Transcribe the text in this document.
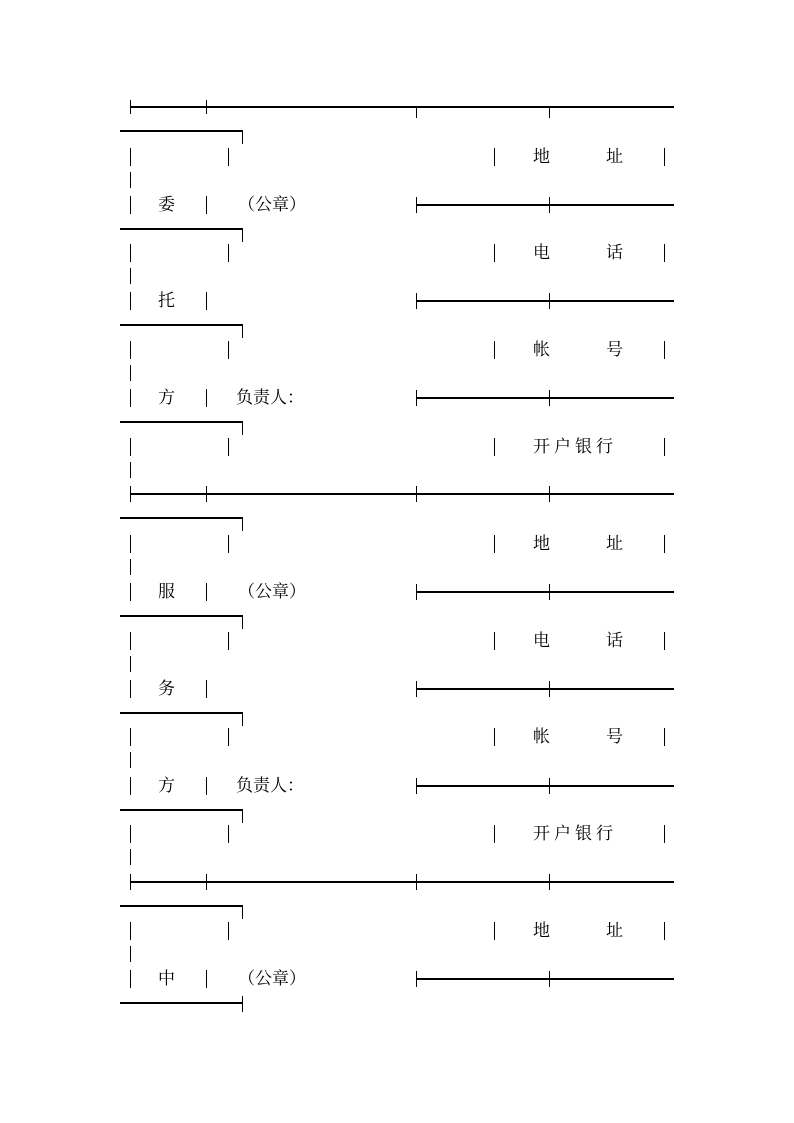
地	址
委	（公章）
电	话
托
帐	号
方	负责人：
开户银行
地	址
服	（公章）
电	话
务
帐	号
方	负责人：
开户银行
地	址
中	（公章）
